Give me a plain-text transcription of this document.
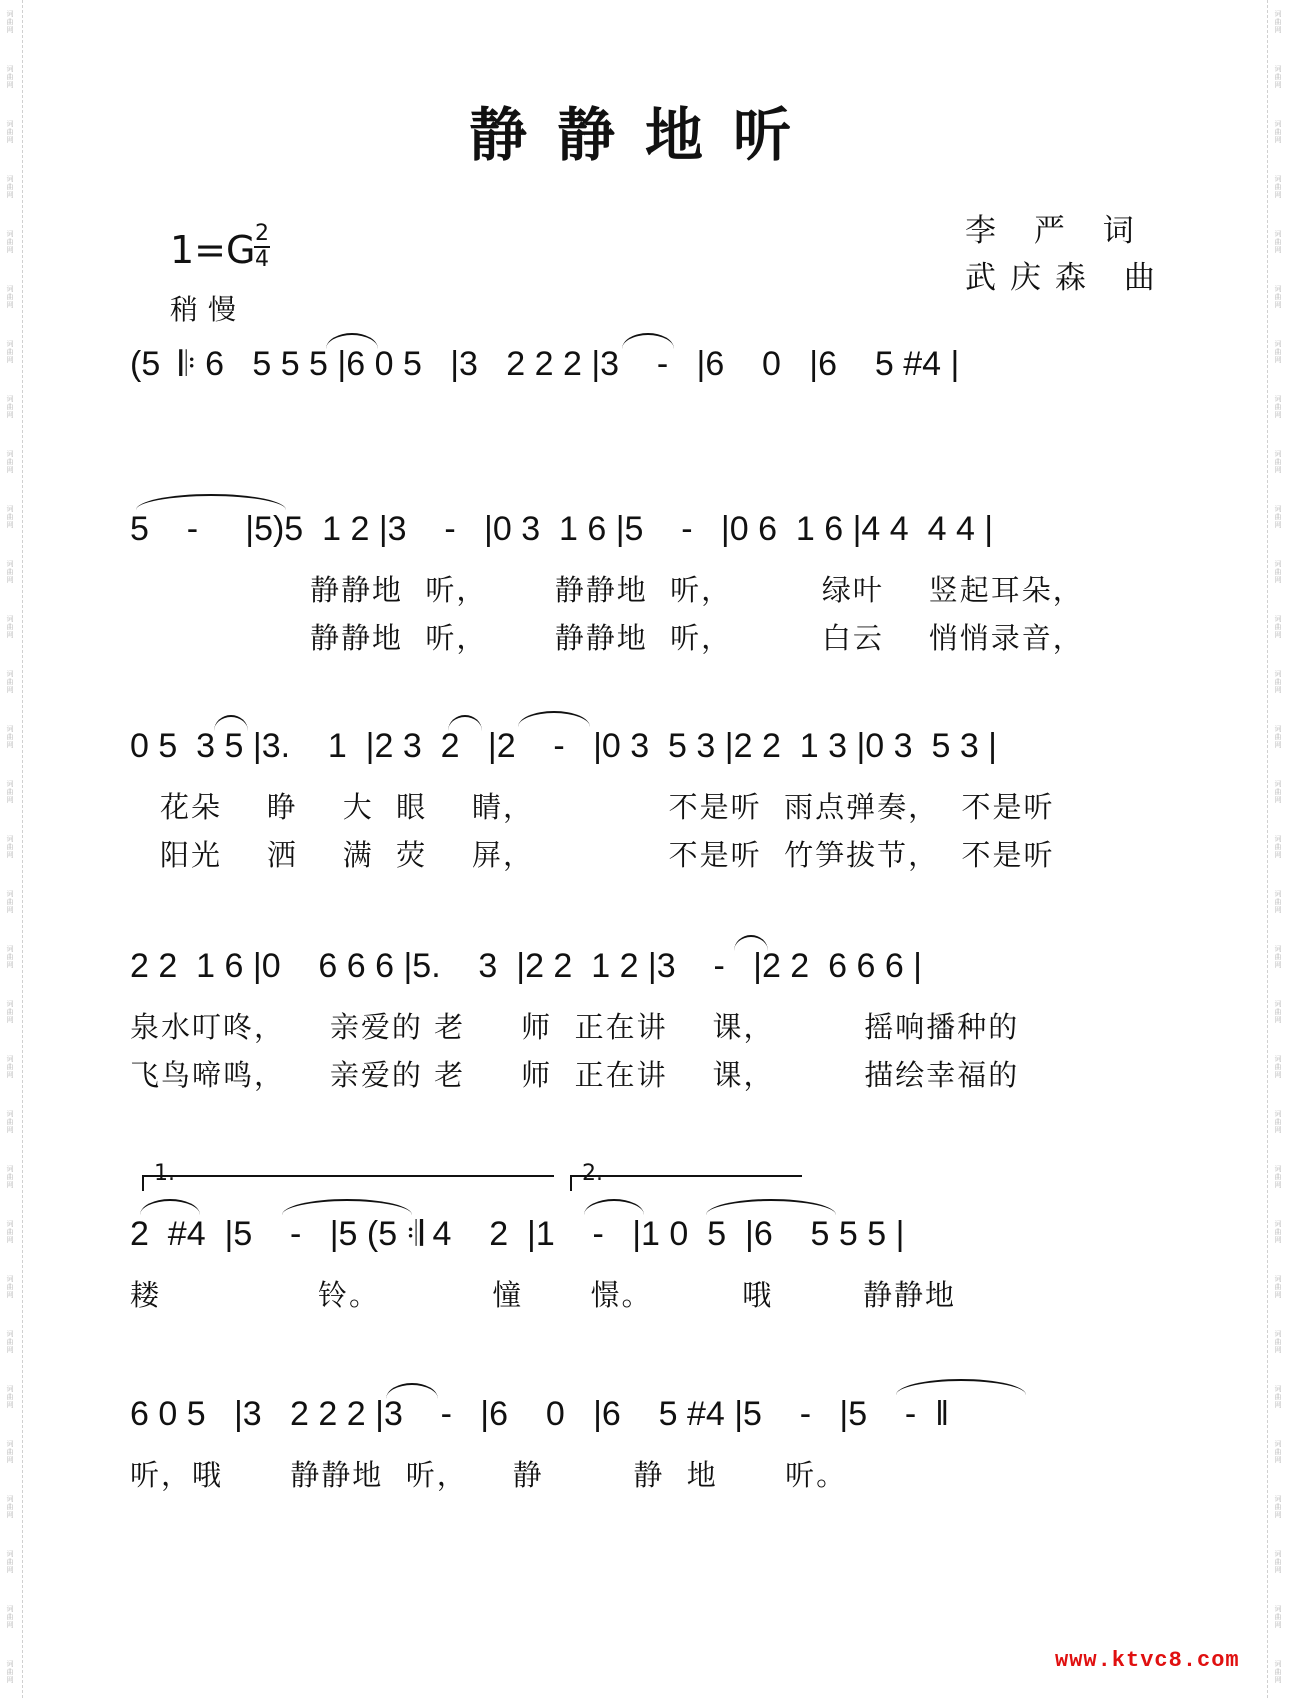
词曲网
词曲网
词曲网
词曲网
词曲网
词曲网
词曲网
词曲网
词曲网
词曲网
词曲网
词曲网
词曲网
词曲网
词曲网
词曲网
词曲网
词曲网
词曲网
词曲网
词曲网
词曲网
词曲网
词曲网
词曲网
词曲网
词曲网
词曲网
词曲网
词曲网
词曲网
词曲网
词曲网
词曲网
词曲网
词曲网
词曲网
词曲网
词曲网
词曲网
词曲网
词曲网
词曲网
词曲网
词曲网
词曲网
词曲网
词曲网
词曲网
词曲网
词曲网
词曲网
词曲网
词曲网
词曲网
词曲网
词曲网
词曲网
词曲网
词曲网
词曲网
词曲网
静静地听
李 严 词
武庆森 曲
1=G 2
4
稍慢
(5  𝄆 6   5 5 5 |6 0 5   |3   2 2 2 |3    -   |6    0   |6    5 #4 |
5    -     |5)5  1 2 |3    -   |0 3  1 6 |5    -   |0 6  1 6 |4 4  4 4 |
静静地  听，      静静地  听，        绿叶    竖起耳朵，
静静地  听，      静静地  听，        白云    悄悄录音，
0 5  3 5 |3.    1  |2 3  2   |2    -   |0 3  5 3 |2 2  1 3 |0 3  5 3 |
花朵    睁    大  眼    睛，            不是听  雨点弹奏，  不是听
阳光    洒    满  荧    屏，            不是听  竹笋拔节，  不是听
2 2  1 6 |0    6 6 6 |5.    3  |2 2  1 2 |3    -   |2 2  6 6 6 |
泉水叮咚，    亲爱的 老     师  正在讲    课，        摇响播种的
飞鸟啼鸣，    亲爱的 老     师  正在讲    课，        描绘幸福的
1.	2.
2  #4  |5    -   |5 (5 𝄇 4    2  |1    -   |1 0  5  |6    5 5 5 |
耧              铃。          憧      憬。        哦        静静地
6 0 5   |3   2 2 2 |3    -   |6    0   |6    5 #4 |5    -   |5    -  ‖
听，哦      静静地  听，    静        静  地      听。
www.ktvc8.com
